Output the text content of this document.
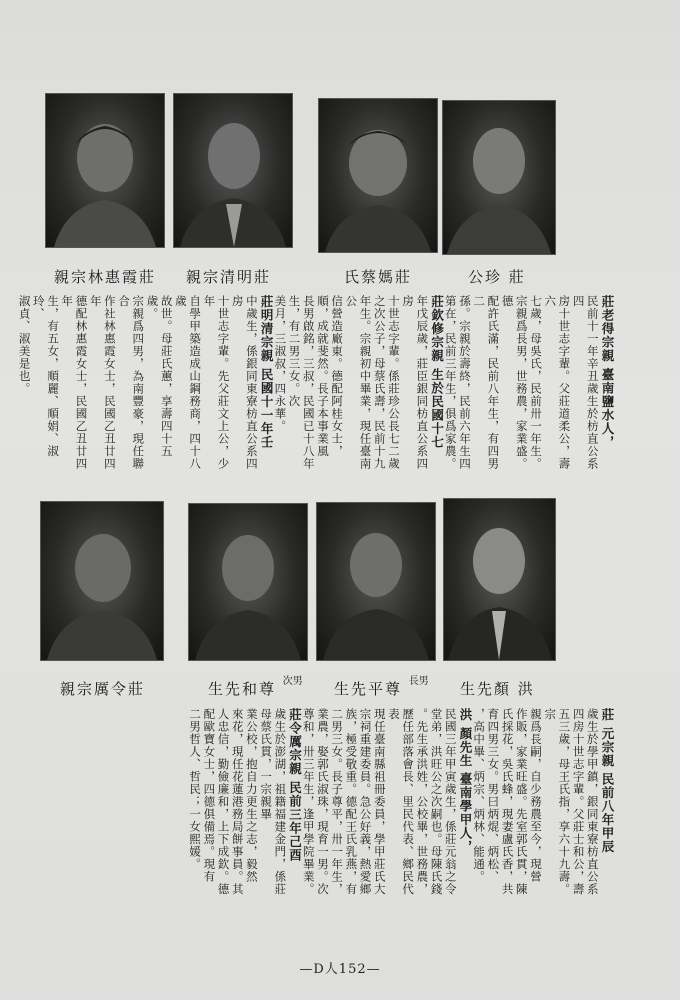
親宗林惠霞莊 親宗清明莊	氏蔡媽莊	公珍 莊
莊老得宗親 臺南鹽水人，
民前十一年辛丑歲生於枋直公系四
房十世志字輩。父莊道柔公，壽六
七歲，母吳氏，民前卅一年生。
宗親爲長男，世務農，家業盛。德
配許氏滿，民前八年生，有四男二
孫。宗親於壽終，民前六年生四
第在，民前三年生，俱爲家農。
莊欽修宗親 生於民國十七
年戊辰歲，莊臣銀同枋直公系四房
十世志字輩。係莊珍公長七二歲
之次公子，母蔡氏壽，民前十九
年生。宗親初中畢業，現任臺南公
信營造廠東。德配阿桂女士，
順，成就斐然。長子本事業風
長男啟銘，三叔，民國已十八年生，有二男三女。次
美月，三淑叔，四永華。
莊明清宗親 民國十一年壬
中歲生，係銀同東寮枋直公系四房
十世志字輩。先父莊文上公，少年
自學甲築造成山鋼務商，四十八歲
故世。母莊氏蕙，享壽四十五歲。
宗親爲四男，為南豐豪，現任聯合
作社林惠霞女士，民國乙丑廿四年
德配林惠霞女士，民國乙丑廿四年
生，有五女，順麗、順娟、淑玲、
淑貞、淑美是也。
親宗厲令莊	生先和尊 $^{次男}$ 生先平尊 $^{長男}$ 生先顏 洪
莊 元宗親 民前八年甲辰
歲生於學甲鎮，銀同東寮枋直公系
四房十世志字輩。父莊士和公，壽
五三歲，母王氏指，享六十九壽。宗
親爲長嗣，自少務農至今，現營
作販，家業旺盛。先室郭氏貫，陳
氏採花，吳氏蜂，現妻盧氏香，共
育四男三女。男曰炳焜、炳松、
，高中畢、炳宗、炳林、能通。
洪 顏先生 臺南學甲人，
民國三年甲寅歲生，係莊元翁之令
堂弟，洪旺公之次嗣也。母陳氏錢
。先生承洪姓，公校畢，世務農，
歷任部落會長、里民代表、鄉民代表
現任臺南縣祖冊委員，學甲莊氏大
宗祠重建委員。急公好義，熱愛鄉
族，極受敬重。德配王氏乳燕，有
二男三女。長子尊平，卅一年生，
業農，娶郭氏淑珠，現育一男。次
尊和，卅三年生，逢甲學院畢業。
莊令厲宗親 民前三年己酉
歲生於澎湖，祖籍福建金門，係莊
母蔡氏貫，一宗親畢
業公校，抱自力更生之志，毅然
來花，現任花蓮港務局餅事員。其
人忠信，勤儉廉和，上下成欽。德
配歐寶女士，四德俱備焉。現有
二男哲人、哲民；一女熙媛。
—D人152—
